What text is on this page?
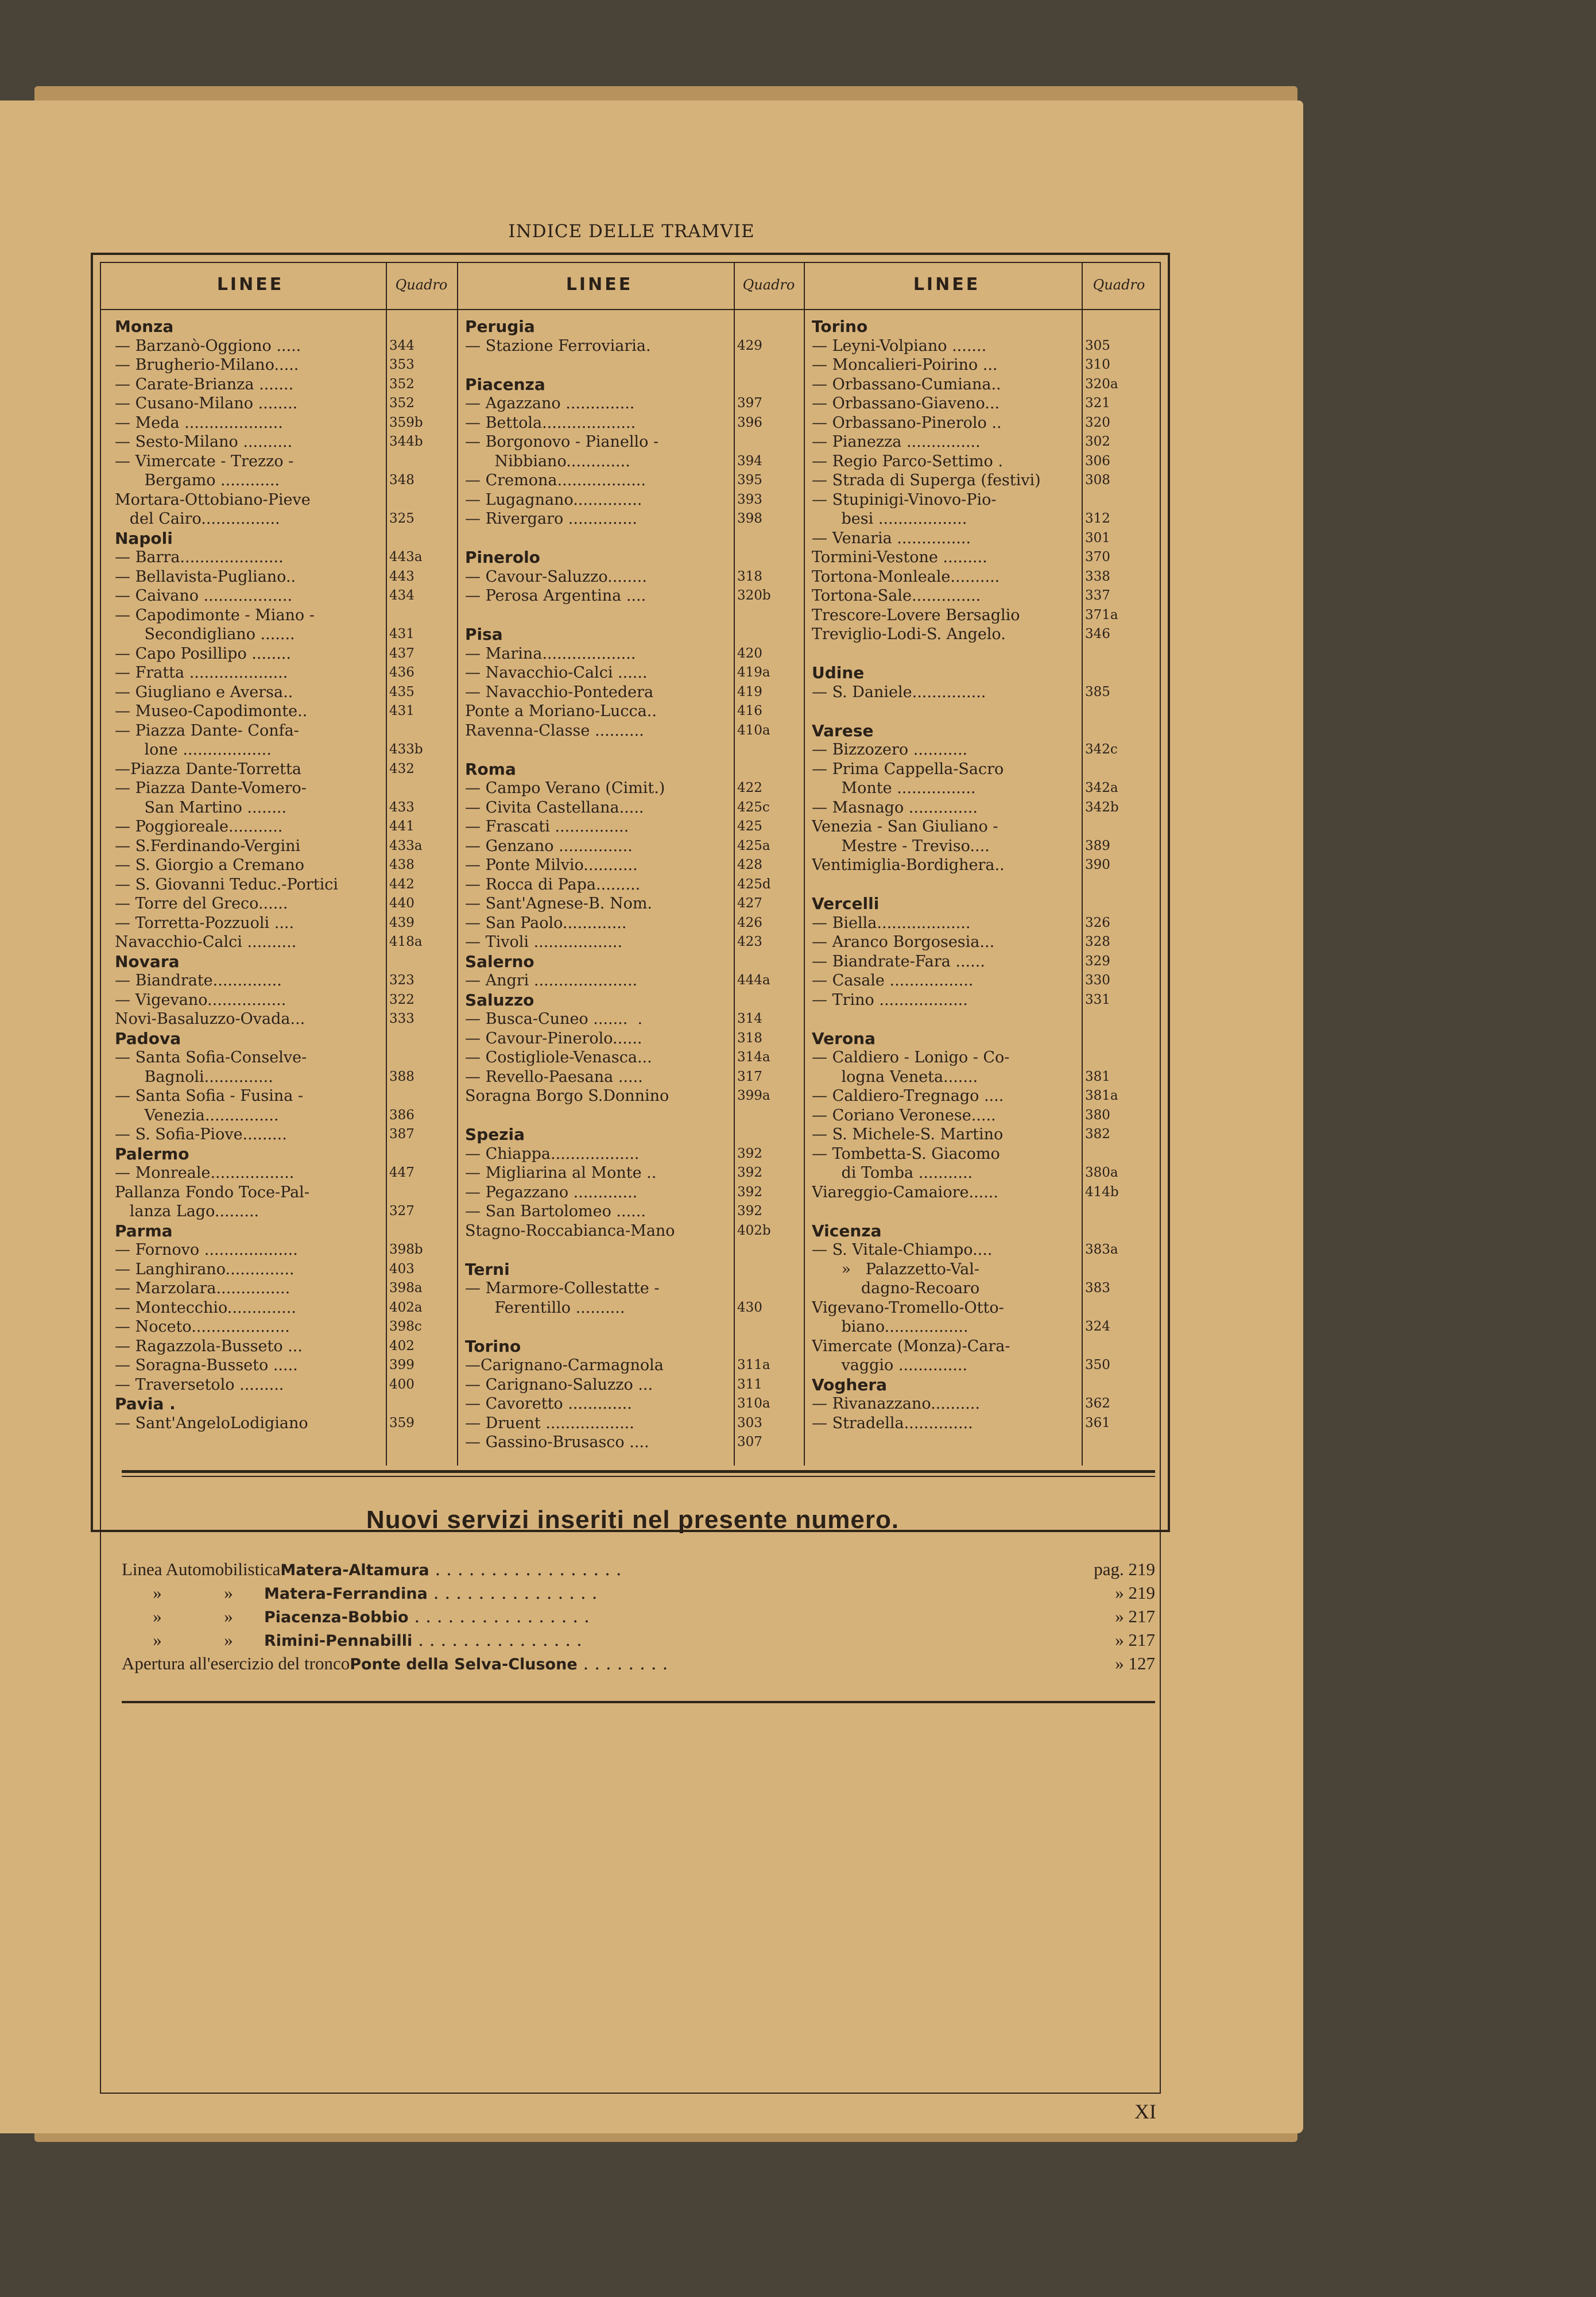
INDICE DELLE TRAMVIE
LINEE	Quadro
Monza
— Barzanò-Oggiono .....	344
— Brugherio-Milano.....	353
— Carate-Brianza .......	352
— Cusano-Milano ........	352
— Meda ....................	359b
— Sesto-Milano ..........	344b
— Vimercate - Trezzo -
Bergamo ............	348
Mortara-Ottobiano-Pieve
del Cairo................	325
Napoli
— Barra.....................	443a
— Bellavista-Pugliano..	443
— Caivano ..................	434
— Capodimonte - Miano -
Secondigliano .......	431
— Capo Posillipo ........	437
— Fratta ....................	436
— Giugliano e Aversa..	435
— Museo-Capodimonte..	431
— Piazza Dante- Confa-
lone ..................	433b
—Piazza Dante-Torretta	432
— Piazza Dante-Vomero-
San Martino ........	433
— Poggioreale...........	441
— S.Ferdinando-Vergini	433a
— S. Giorgio a Cremano	438
— S. Giovanni Teduc.-Portici	442
— Torre del Greco......	440
— Torretta-Pozzuoli ....	439
Navacchio-Calci ..........	418a
Novara
— Biandrate..............	323
— Vigevano................	322
Novi-Basaluzzo-Ovada...	333
Padova
— Santa Sofia-Conselve-
Bagnoli..............	388
— Santa Sofia - Fusina -
Venezia...............	386
— S. Sofia-Piove.........	387
Palermo
— Monreale.................	447
Pallanza Fondo Toce-Pal-
lanza Lago.........	327
Parma
— Fornovo ...................	398b
— Langhirano..............	403
— Marzolara...............	398a
— Montecchio..............	402a
— Noceto....................	398c
— Ragazzola-Busseto ...	402
— Soragna-Busseto .....	399
— Traversetolo .........	400
Pavia .
— Sant'AngeloLodigiano	359
LINEE	Quadro
Perugia
— Stazione Ferroviaria.	429
Piacenza
— Agazzano ..............	397
— Bettola...................	396
— Borgonovo - Pianello -
Nibbiano.............	394
— Cremona..................	395
— Lugagnano..............	393
— Rivergaro ..............	398
Pinerolo
— Cavour-Saluzzo........	318
— Perosa Argentina ....	320b
Pisa
— Marina...................	420
— Navacchio-Calci ......	419a
— Navacchio-Pontedera	419
Ponte a Moriano-Lucca..	416
Ravenna-Classe ..........	410a
Roma
— Campo Verano (Cimit.)	422
— Civita Castellana.....	425c
— Frascati ...............	425
— Genzano ...............	425a
— Ponte Milvio...........	428
— Rocca di Papa.........	425d
— Sant'Agnese-B. Nom.	427
— San Paolo.............	426
— Tivoli ..................	423
Salerno
— Angri .....................	444a
Saluzzo
— Busca-Cuneo .......  .	314
— Cavour-Pinerolo......	318
— Costigliole-Venasca...	314a
— Revello-Paesana .....	317
Soragna Borgo S.Donnino	399a
Spezia
— Chiappa..................	392
— Migliarina al Monte ..	392
— Pegazzano .............	392
— San Bartolomeo ......	392
Stagno-Roccabianca-Mano	402b
Terni
— Marmore-Collestatte -
Ferentillo ..........	430
Torino
—Carignano-Carmagnola	311a
— Carignano-Saluzzo ...	311
— Cavoretto .............	310a
— Druent ..................	303
— Gassino-Brusasco ....	307
LINEE	Quadro
Torino
— Leyni-Volpiano .......	305
— Moncalieri-Poirino ...	310
— Orbassano-Cumiana..	320a
— Orbassano-Giaveno...	321
— Orbassano-Pinerolo ..	320
— Pianezza ...............	302
— Regio Parco-Settimo .	306
— Strada di Superga (festivi)	308
— Stupinigi-Vinovo-Pio-
besi ..................	312
— Venaria ...............	301
Tormini-Vestone .........	370
Tortona-Monleale..........	338
Tortona-Sale..............	337
Trescore-Lovere Bersaglio	371a
Treviglio-Lodi-S. Angelo.	346
Udine
— S. Daniele...............	385
Varese
— Bizzozero ...........	342c
— Prima Cappella-Sacro
Monte ................	342a
— Masnago ..............	342b
Venezia - San Giuliano -
Mestre - Treviso....	389
Ventimiglia-Bordighera..	390
Vercelli
— Biella...................	326
— Aranco Borgosesia...	328
— Biandrate-Fara ......	329
— Casale .................	330
— Trino ..................	331
Verona
— Caldiero - Lonigo - Co-
logna Veneta.......	381
— Caldiero-Tregnago ....	381a
— Coriano Veronese.....	380
— S. Michele-S. Martino	382
— Tombetta-S. Giacomo
di Tomba ...........	380a
Viareggio-Camaiore......	414b
Vicenza
— S. Vitale-Chiampo....	383a
»   Palazzetto-Val-
dagno-Recoaro	383
Vigevano-Tromello-Otto-
biano.................	324
Vimercate (Monza)-Cara-
vaggio ..............	350
Voghera
— Rivanazzano..........	362
— Stradella..............	361
Nuovi servizi inseriti nel presente numero.
Linea AutomobilisticaMatera-Altamura . . . . . . . . . . . . . . . . .	pag. 219
»              »       Matera-Ferrandina . . . . . . . . . . . . . . .	» 219
»              »       Piacenza-Bobbio . . . . . . . . . . . . . . . .	» 217
»              »       Rimini-Pennabilli . . . . . . . . . . . . . . .	» 217
Apertura all'esercizio del troncoPonte della Selva-Clusone . . . . . . . .	» 127
XI
